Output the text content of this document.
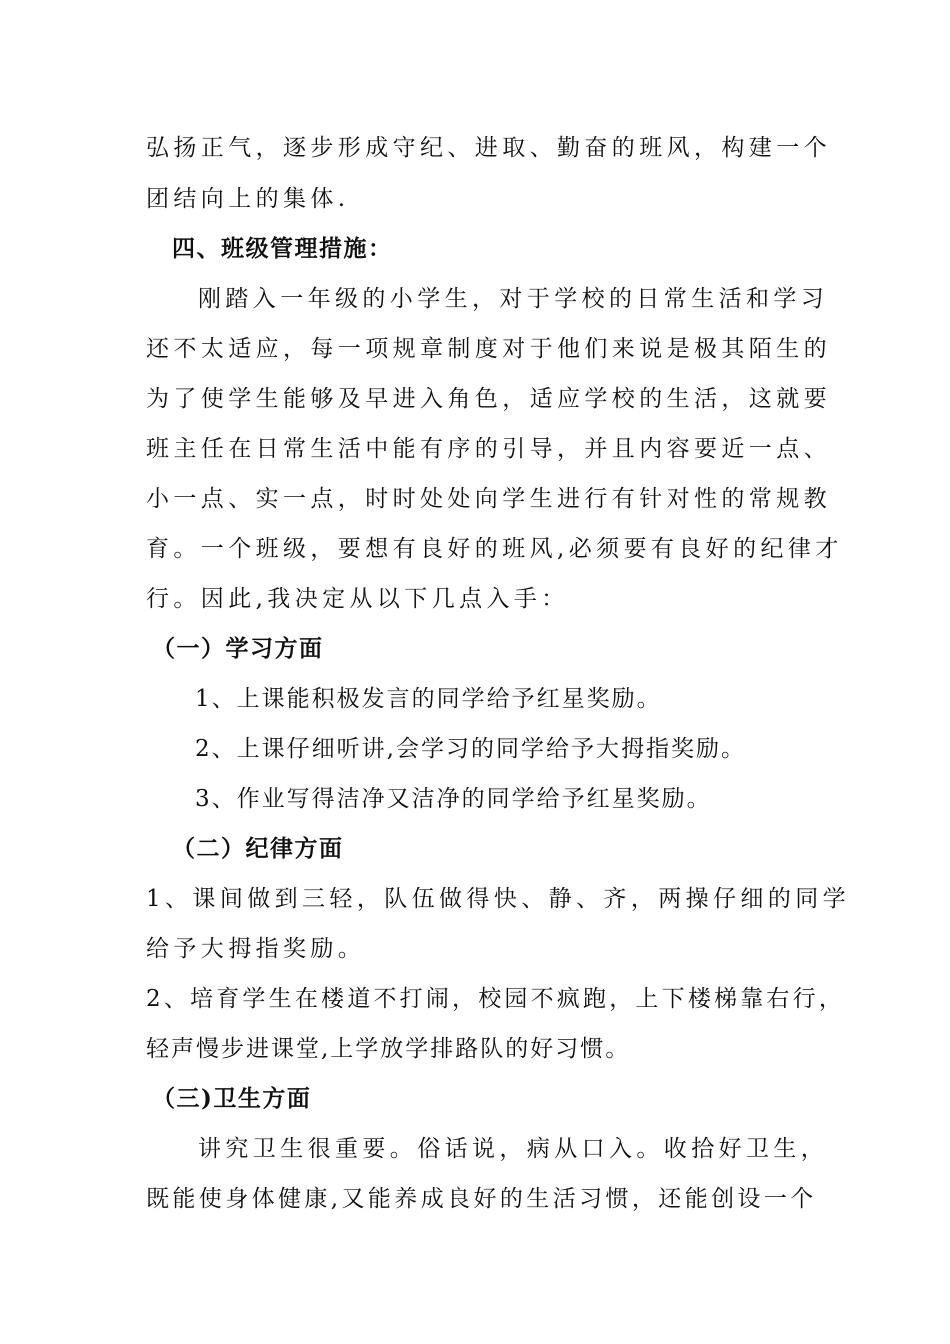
弘扬正气，逐步形成守纪、进取、勤奋的班风，构建一个

团结向上的集体.

四、班级管理措施：

刚踏入一年级的小学生，对于学校的日常生活和学习

还不太适应，每一项规章制度对于他们来说是极其陌生的

为了使学生能够及早进入角色，适应学校的生活，这就要

班主任在日常生活中能有序的引导，并且内容要近一点、

小一点、实一点，时时处处向学生进行有针对性的常规教

育。一个班级，要想有良好的班风,必须要有良好的纪律才

行。因此,我决定从以下几点入手：

（一）学习方面

1、上课能积极发言的同学给予红星奖励。

2、上课仔细听讲,会学习的同学给予大拇指奖励。

3、作业写得洁净又洁净的同学给予红星奖励。

（二）纪律方面

1、课间做到三轻，队伍做得快、静、齐，两操仔细的同学

给予大拇指奖励。

2、培育学生在楼道不打闹，校园不疯跑，上下楼梯靠右行，

轻声慢步进课堂,上学放学排路队的好习惯。

（三)卫生方面

讲究卫生很重要。俗话说，病从口入。收拾好卫生，

既能使身体健康,又能养成良好的生活习惯，还能创设一个
